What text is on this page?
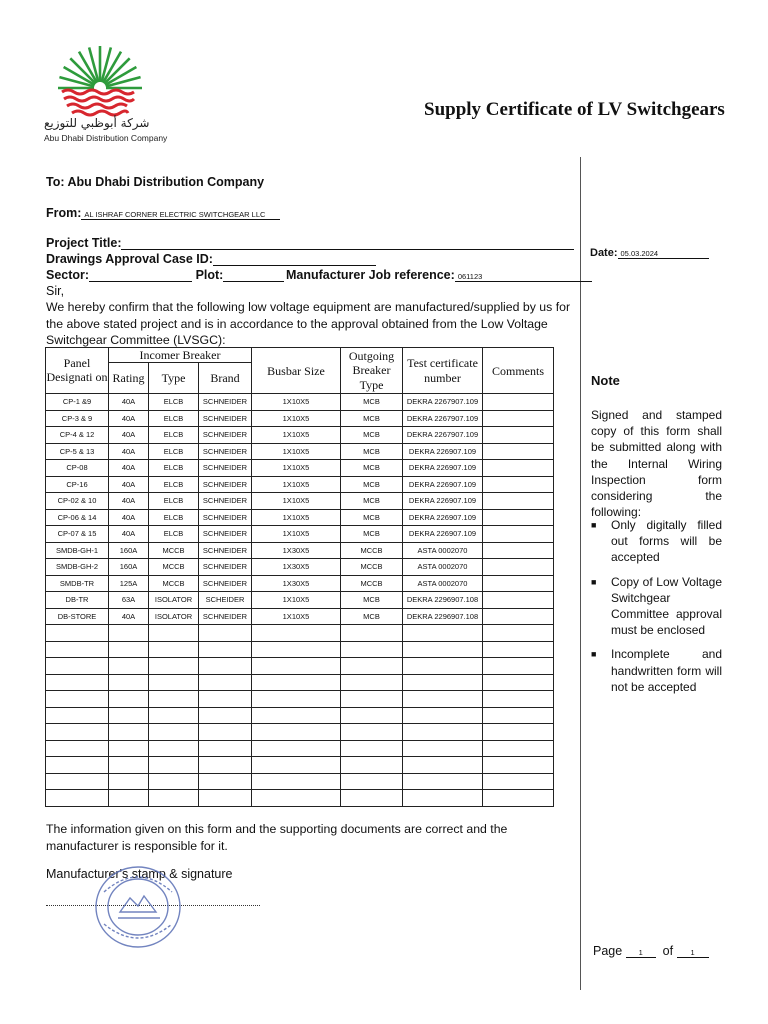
شركة أبوظبي للتوزيع
Abu Dhabi Distribution Company
Supply Certificate of LV Switchgears
To: Abu Dhabi Distribution Company
From: AL ISHRAF CORNER ELECTRIC SWITCHGEAR LLC
Project Title:
Date: 05.03.2024
Drawings Approval Case ID:
Sector:	Plot:	Manufacturer Job reference: 061123
Sir,
We hereby confirm that the following low voltage equipment are manufactured/supplied by us for the above stated project and is in accordance to the approval obtained from the Low Voltage Switchgear Committee (LVSGC):
Panel Designati on	Incomer Breaker			Busbar Size	Outgoing Breaker Type	Test certificate number	Comments
	Rating	Type	Brand				
CP-1 &9	40A	ELCB	SCHNEIDER	1X10X5	MCB	DEKRA 2267907.109	
CP-3 & 9	40A	ELCB	SCHNEIDER	1X10X5	MCB	DEKRA 2267907.109	
CP-4 & 12	40A	ELCB	SCHNEIDER	1X10X5	MCB	DEKRA 2267907.109	
CP-5 & 13	40A	ELCB	SCHNEIDER	1X10X5	MCB	DEKRA 226907.109	
CP-08	40A	ELCB	SCHNEIDER	1X10X5	MCB	DEKRA 226907.109	
CP-16	40A	ELCB	SCHNEIDER	1X10X5	MCB	DEKRA 226907.109	
CP-02 & 10	40A	ELCB	SCHNEIDER	1X10X5	MCB	DEKRA 226907.109	
CP-06 & 14	40A	ELCB	SCHNEIDER	1X10X5	MCB	DEKRA 226907.109	
CP-07 & 15	40A	ELCB	SCHNEIDER	1X10X5	MCB	DEKRA 226907.109	
SMDB-GH-1	160A	MCCB	SCHNEIDER	1X30X5	MCCB	ASTA 0002070	
SMDB-GH-2	160A	MCCB	SCHNEIDER	1X30X5	MCCB	ASTA 0002070	
SMDB-TR	125A	MCCB	SCHNEIDER	1X30X5	MCCB	ASTA 0002070	
DB-TR	63A	ISOLATOR	SCHEIDER	1X10X5	MCB	DEKRA 2296907.108	
DB-STORE	40A	ISOLATOR	SCHNEIDER	1X10X5	MCB	DEKRA 2296907.108	

The information given on this form and the supporting documents are correct and the manufacturer is responsible for it.
Manufacturer's stamp & signature
Note
Signed and stamped copy of this form shall be submitted along with the Internal Wiring Inspection form considering the following:
■ Only digitally filled out forms will be accepted
■ Copy of Low Voltage Switchgear Committee approval must be enclosed
■ Incomplete and handwritten form will not be accepted
Page 1 of 1
